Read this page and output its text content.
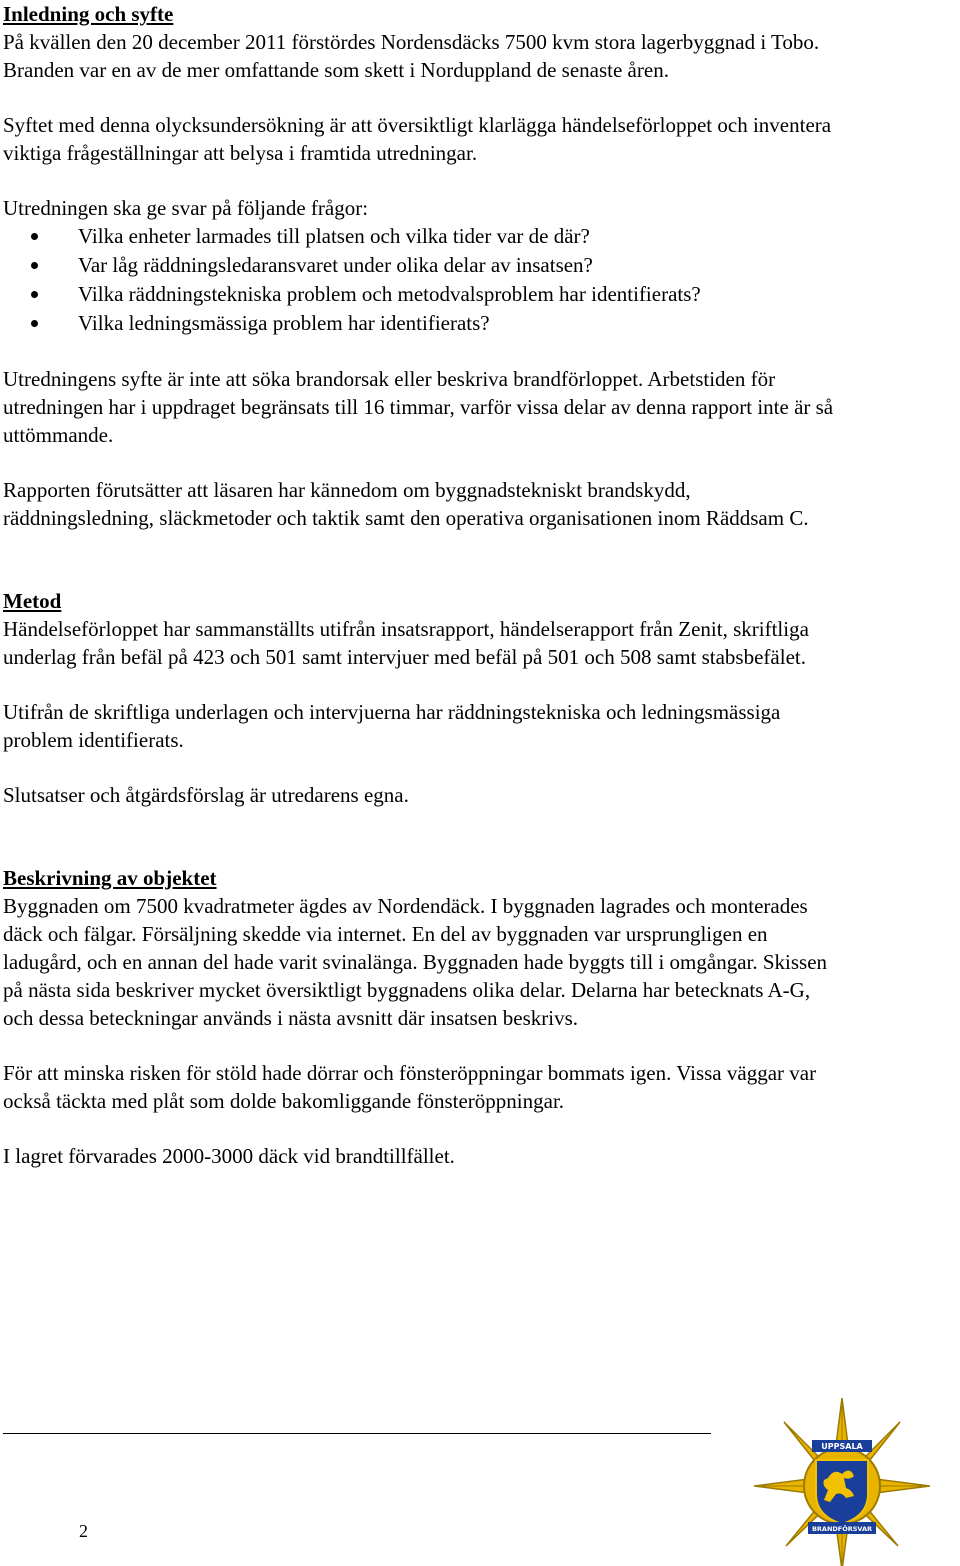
Inledning och syfte

På kvällen den 20 december 2011 förstördes Nordensdäcks 7500 kvm stora lagerbyggnad i Tobo.
Branden var en av de mer omfattande som skett i Norduppland de senaste åren.

Syftet med denna olycksundersökning är att översiktligt klarlägga händelseförloppet och inventera
viktiga frågeställningar att belysa i framtida utredningar.

Utredningen ska ge svar på följande frågor:

Vilka enheter larmades till platsen och vilka tider var de där?
Var låg räddningsledaransvaret under olika delar av insatsen?
Vilka räddningstekniska problem och metodvalsproblem har identifierats?
Vilka ledningsmässiga problem har identifierats?

Utredningens syfte är inte att söka brandorsak eller beskriva brandförloppet. Arbetstiden för
utredningen har i uppdraget begränsats till 16 timmar, varför vissa delar av denna rapport inte är så
uttömmande.

Rapporten förutsätter att läsaren har kännedom om byggnadstekniskt brandskydd,
räddningsledning, släckmetoder och taktik samt den operativa organisationen inom Räddsam C.

Metod

Händelseförloppet har sammanställts utifrån insatsrapport, händelserapport från Zenit, skriftliga
underlag från befäl på 423 och 501 samt intervjuer med befäl på 501 och 508 samt stabsbefälet.

Utifrån de skriftliga underlagen och intervjuerna har räddningstekniska och ledningsmässiga
problem identifierats.

Slutsatser och åtgärdsförslag är utredarens egna.

Beskrivning av objektet

Byggnaden om 7500 kvadratmeter ägdes av Nordendäck. I byggnaden lagrades och monterades
däck och fälgar. Försäljning skedde via internet. En del av byggnaden var ursprungligen en
ladugård, och en annan del hade varit svinalänga. Byggnaden hade byggts till i omgångar. Skissen
på nästa sida beskriver mycket översiktligt byggnadens olika delar. Delarna har betecknats A-G,
och dessa beteckningar används i nästa avsnitt där insatsen beskrivs.

För att minska risken för stöld hade dörrar och fönsteröppningar bommats igen. Vissa väggar var
också täckta med plåt som dolde bakomliggande fönsteröppningar.

I lagret förvarades 2000-3000 däck vid brandtillfället.

2
UPPSALA
BRANDFÖRSVAR
